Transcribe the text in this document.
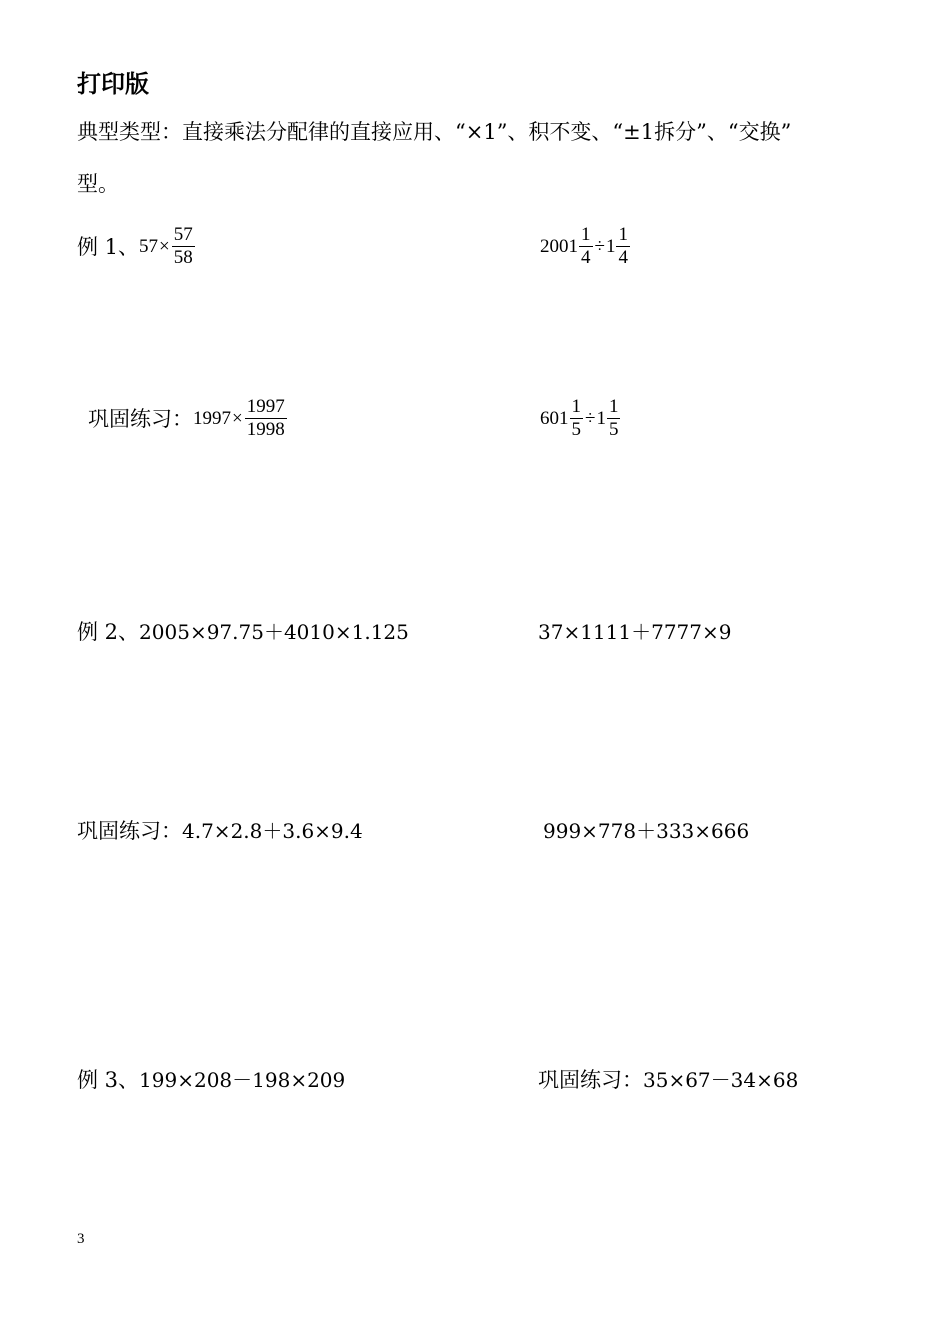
打印版
典型类型：直接乘法分配律的直接应用、“×1”、积不变、“±1拆分”、“交换”
型。
例 1、 $57 \times \frac{57}{58}$	$2001 \frac{1}{4} \div 1 \frac{1}{4}$
巩固练习： $1997 \times \frac{1997}{1998}$	$601 \frac{1}{5} \div 1 \frac{1}{5}$
例 2、 2005×97.75＋4010×1.125	37×1111＋7777×9
巩固练习： 4.7×2.8＋3.6×9.4	999×778＋333×666
例 3、 199×208－198×209	巩固练习： 35×67－34×68
3
